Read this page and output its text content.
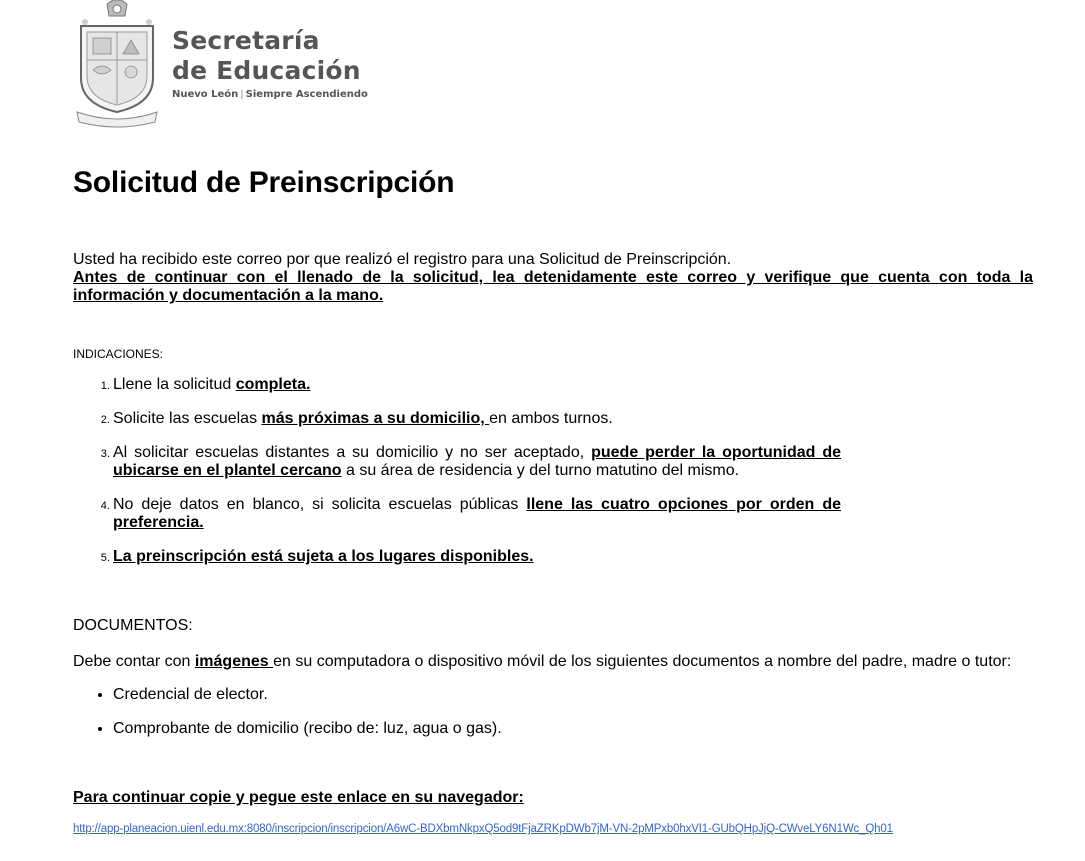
Secretaría
de Educación
Nuevo León | Siempre Ascendiendo
Solicitud de Preinscripción
Usted ha recibido este correo por que realizó el registro para una Solicitud de Preinscripción.
Antes de continuar con el llenado de la solicitud, lea detenidamente este correo y verifique que cuenta con toda la información y documentación a la mano.
INDICACIONES:
1. Llene la solicitud completa.
2. Solicite las escuelas más próximas a su domicilio, en ambos turnos.
3. Al solicitar escuelas distantes a su domicilio y no ser aceptado, puede perder la oportunidad de ubicarse en el plantel cercano a su área de residencia y del turno matutino del mismo.
4. No deje datos en blanco, si solicita escuelas públicas llene las cuatro opciones por orden de preferencia.
5. La preinscripción está sujeta a los lugares disponibles.
DOCUMENTOS:
Debe contar con imágenes en su computadora o dispositivo móvil de los siguientes documentos a nombre del padre, madre o tutor:
• Credencial de elector.
• Comprobante de domicilio (recibo de: luz, agua o gas).
Para continuar copie y pegue este enlace en su navegador:
http://app-planeacion.uienl.edu.mx:8080/inscripcion/inscripcion/A6wC-BDXbmNkpxQ5od9tFjaZRKpDWb7jM-VN-2pMPxb0hxVI1-GUbQHpJjQ-CWveLY6N1Wc_Qh01
